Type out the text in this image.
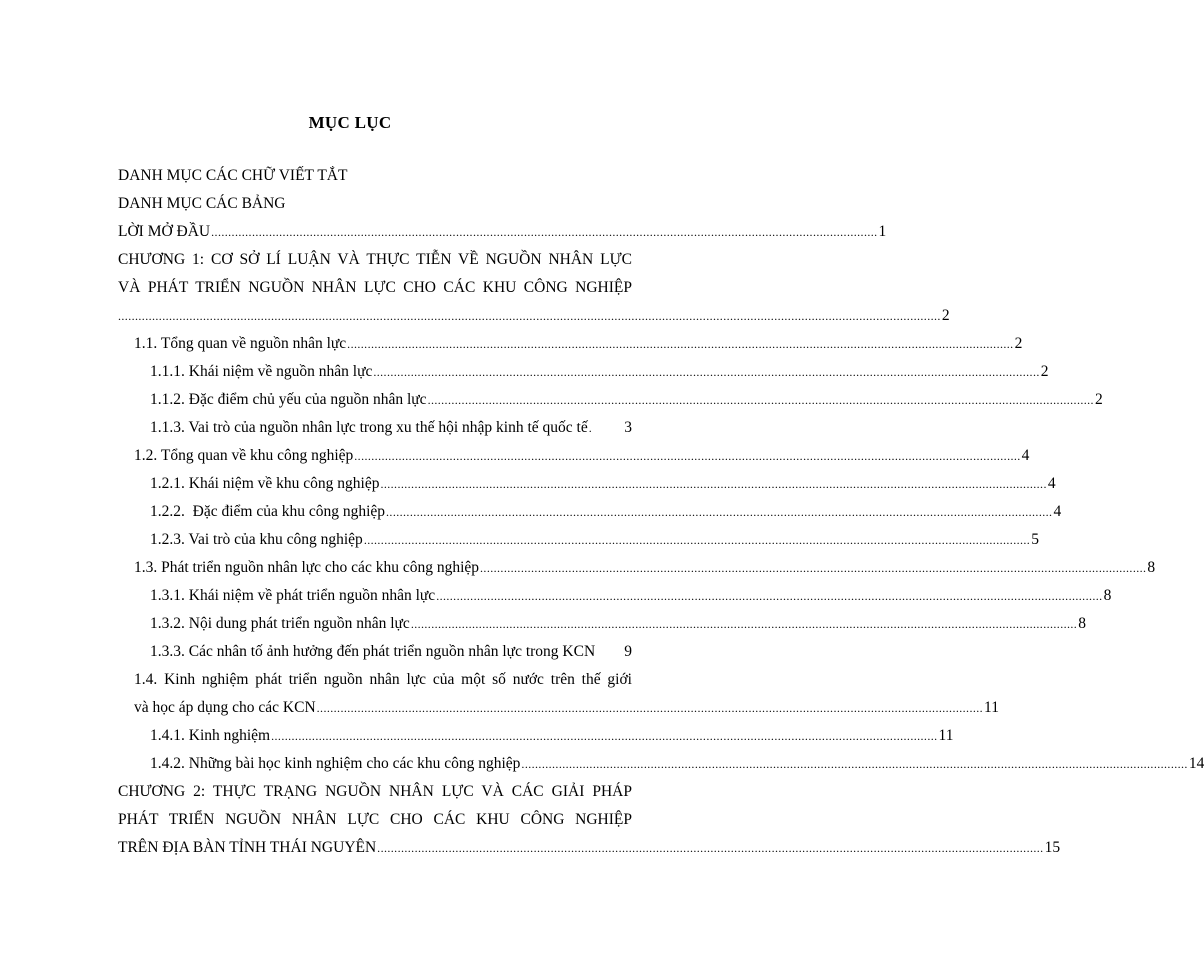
MỤC LỤC
DANH MỤC CÁC CHỮ VIẾT TẮT
DANH MỤC CÁC BẢNG
LỜI MỞ ĐẦU .................................................................................................................................................................................................... 1
CHƯƠNG 1: CƠ SỞ LÍ LUẬN VÀ THỰC TIỄN VỀ NGUỒN NHÂN LỰC
VÀ PHÁT TRIỂN NGUỒN NHÂN LỰC CHO CÁC KHU CÔNG NGHIỆP
.................................................................................................................................................................................................................................................. 2
1.1. Tổng quan về nguồn nhân lực .................................................................................................................................................................................................... 2
1.1.1. Khái niệm về nguồn nhân lực .................................................................................................................................................................................................... 2
1.1.2. Đặc điểm chủ yếu của nguồn nhân lực .................................................................................................................................................................................................... 2
1.1.3. Vai trò của nguồn nhân lực trong xu thế hội nhập kinh tế quốc tế .	3
1.2. Tổng quan về khu công nghiệp .................................................................................................................................................................................................... 4
1.2.1. Khái niệm về khu công nghiệp .................................................................................................................................................................................................... 4
1.2.2.  Đặc điểm của khu công nghiệp .................................................................................................................................................................................................... 4
1.2.3. Vai trò của khu công nghiệp .................................................................................................................................................................................................... 5
1.3. Phát triển nguồn nhân lực cho các khu công nghiệp .................................................................................................................................................................................................... 8
1.3.1. Khái niệm về phát triển nguồn nhân lực .................................................................................................................................................................................................... 8
1.3.2. Nội dung phát triển nguồn nhân lực .................................................................................................................................................................................................... 8
1.3.3. Các nhân tố ảnh hưởng đến phát triển nguồn nhân lực trong KCN 9
1.4. Kinh nghiệm phát triển nguồn nhân lực của một số nước trên thế giới
và học áp dụng cho các KCN .................................................................................................................................................................................................... 11
1.4.1. Kinh nghiệm .................................................................................................................................................................................................... 11
1.4.2. Những bài học kinh nghiệm cho các khu công nghiệp .................................................................................................................................................................................................... 14
CHƯƠNG 2: THỰC TRẠNG NGUỒN NHÂN LỰC VÀ CÁC GIẢI PHÁP
PHÁT TRIỂN NGUỒN NHÂN LỰC CHO CÁC KHU CÔNG NGHIỆP
TRÊN ĐỊA BÀN TỈNH THÁI NGUYÊN .................................................................................................................................................................................................... 15
